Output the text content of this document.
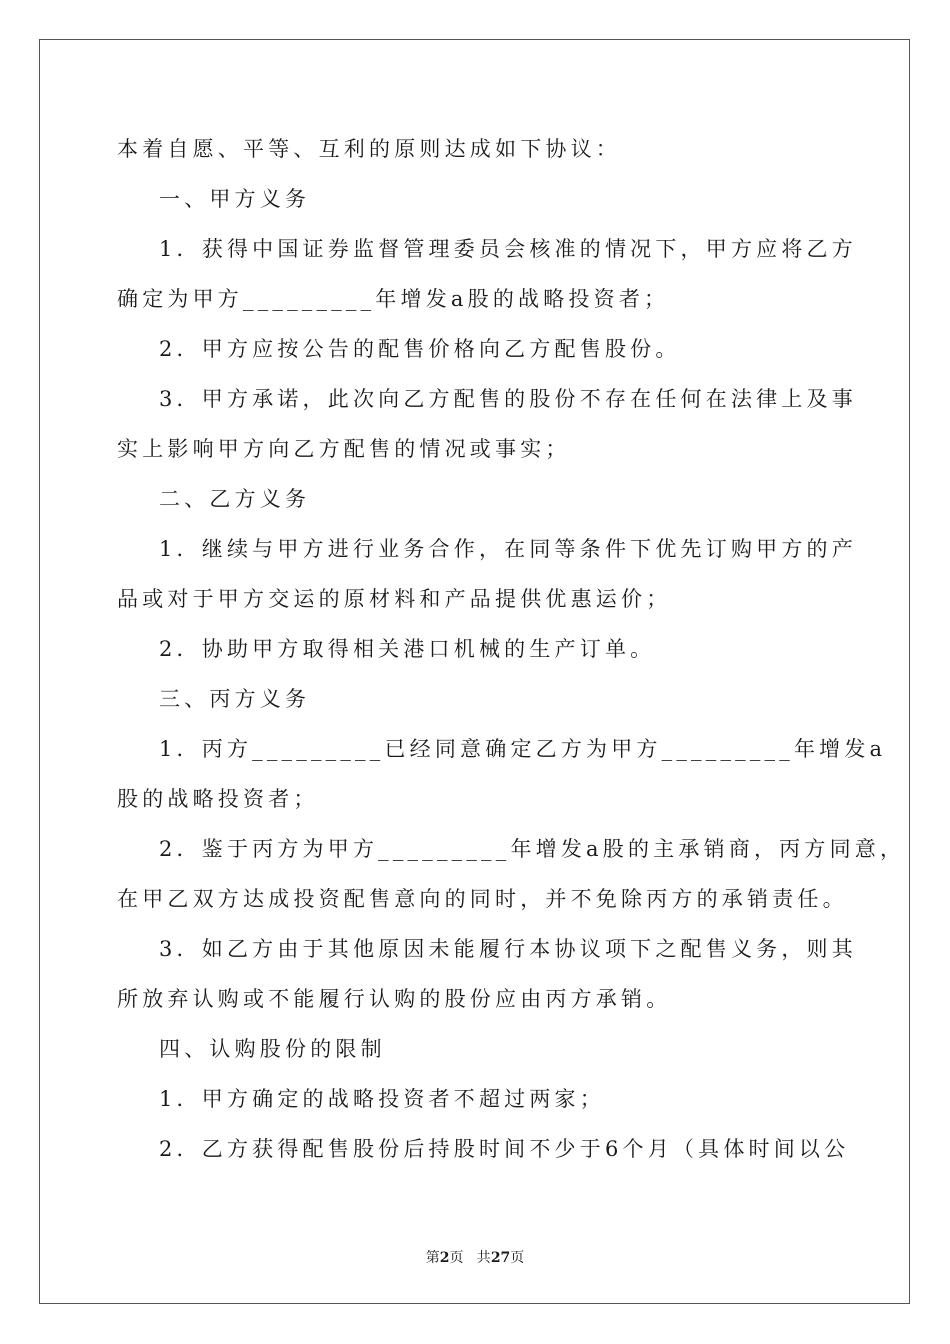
本着自愿、平等、互利的原则达成如下协议：
一、甲方义务
1．获得中国证券监督管理委员会核准的情况下，甲方应将乙方
确定为甲方_________年增发a股的战略投资者；
2．甲方应按公告的配售价格向乙方配售股份。
3．甲方承诺，此次向乙方配售的股份不存在任何在法律上及事
实上影响甲方向乙方配售的情况或事实；
二、乙方义务
1．继续与甲方进行业务合作，在同等条件下优先订购甲方的产
品或对于甲方交运的原材料和产品提供优惠运价；
2．协助甲方取得相关港口机械的生产订单。
三、丙方义务
1．丙方_________已经同意确定乙方为甲方_________年增发a
股的战略投资者；
2．鉴于丙方为甲方_________年增发a股的主承销商，丙方同意，
在甲乙双方达成投资配售意向的同时，并不免除丙方的承销责任。
3．如乙方由于其他原因未能履行本协议项下之配售义务，则其
所放弃认购或不能履行认购的股份应由丙方承销。
四、认购股份的限制
1．甲方确定的战略投资者不超过两家；
2．乙方获得配售股份后持股时间不少于6个月（具体时间以公
第2页   共27页
